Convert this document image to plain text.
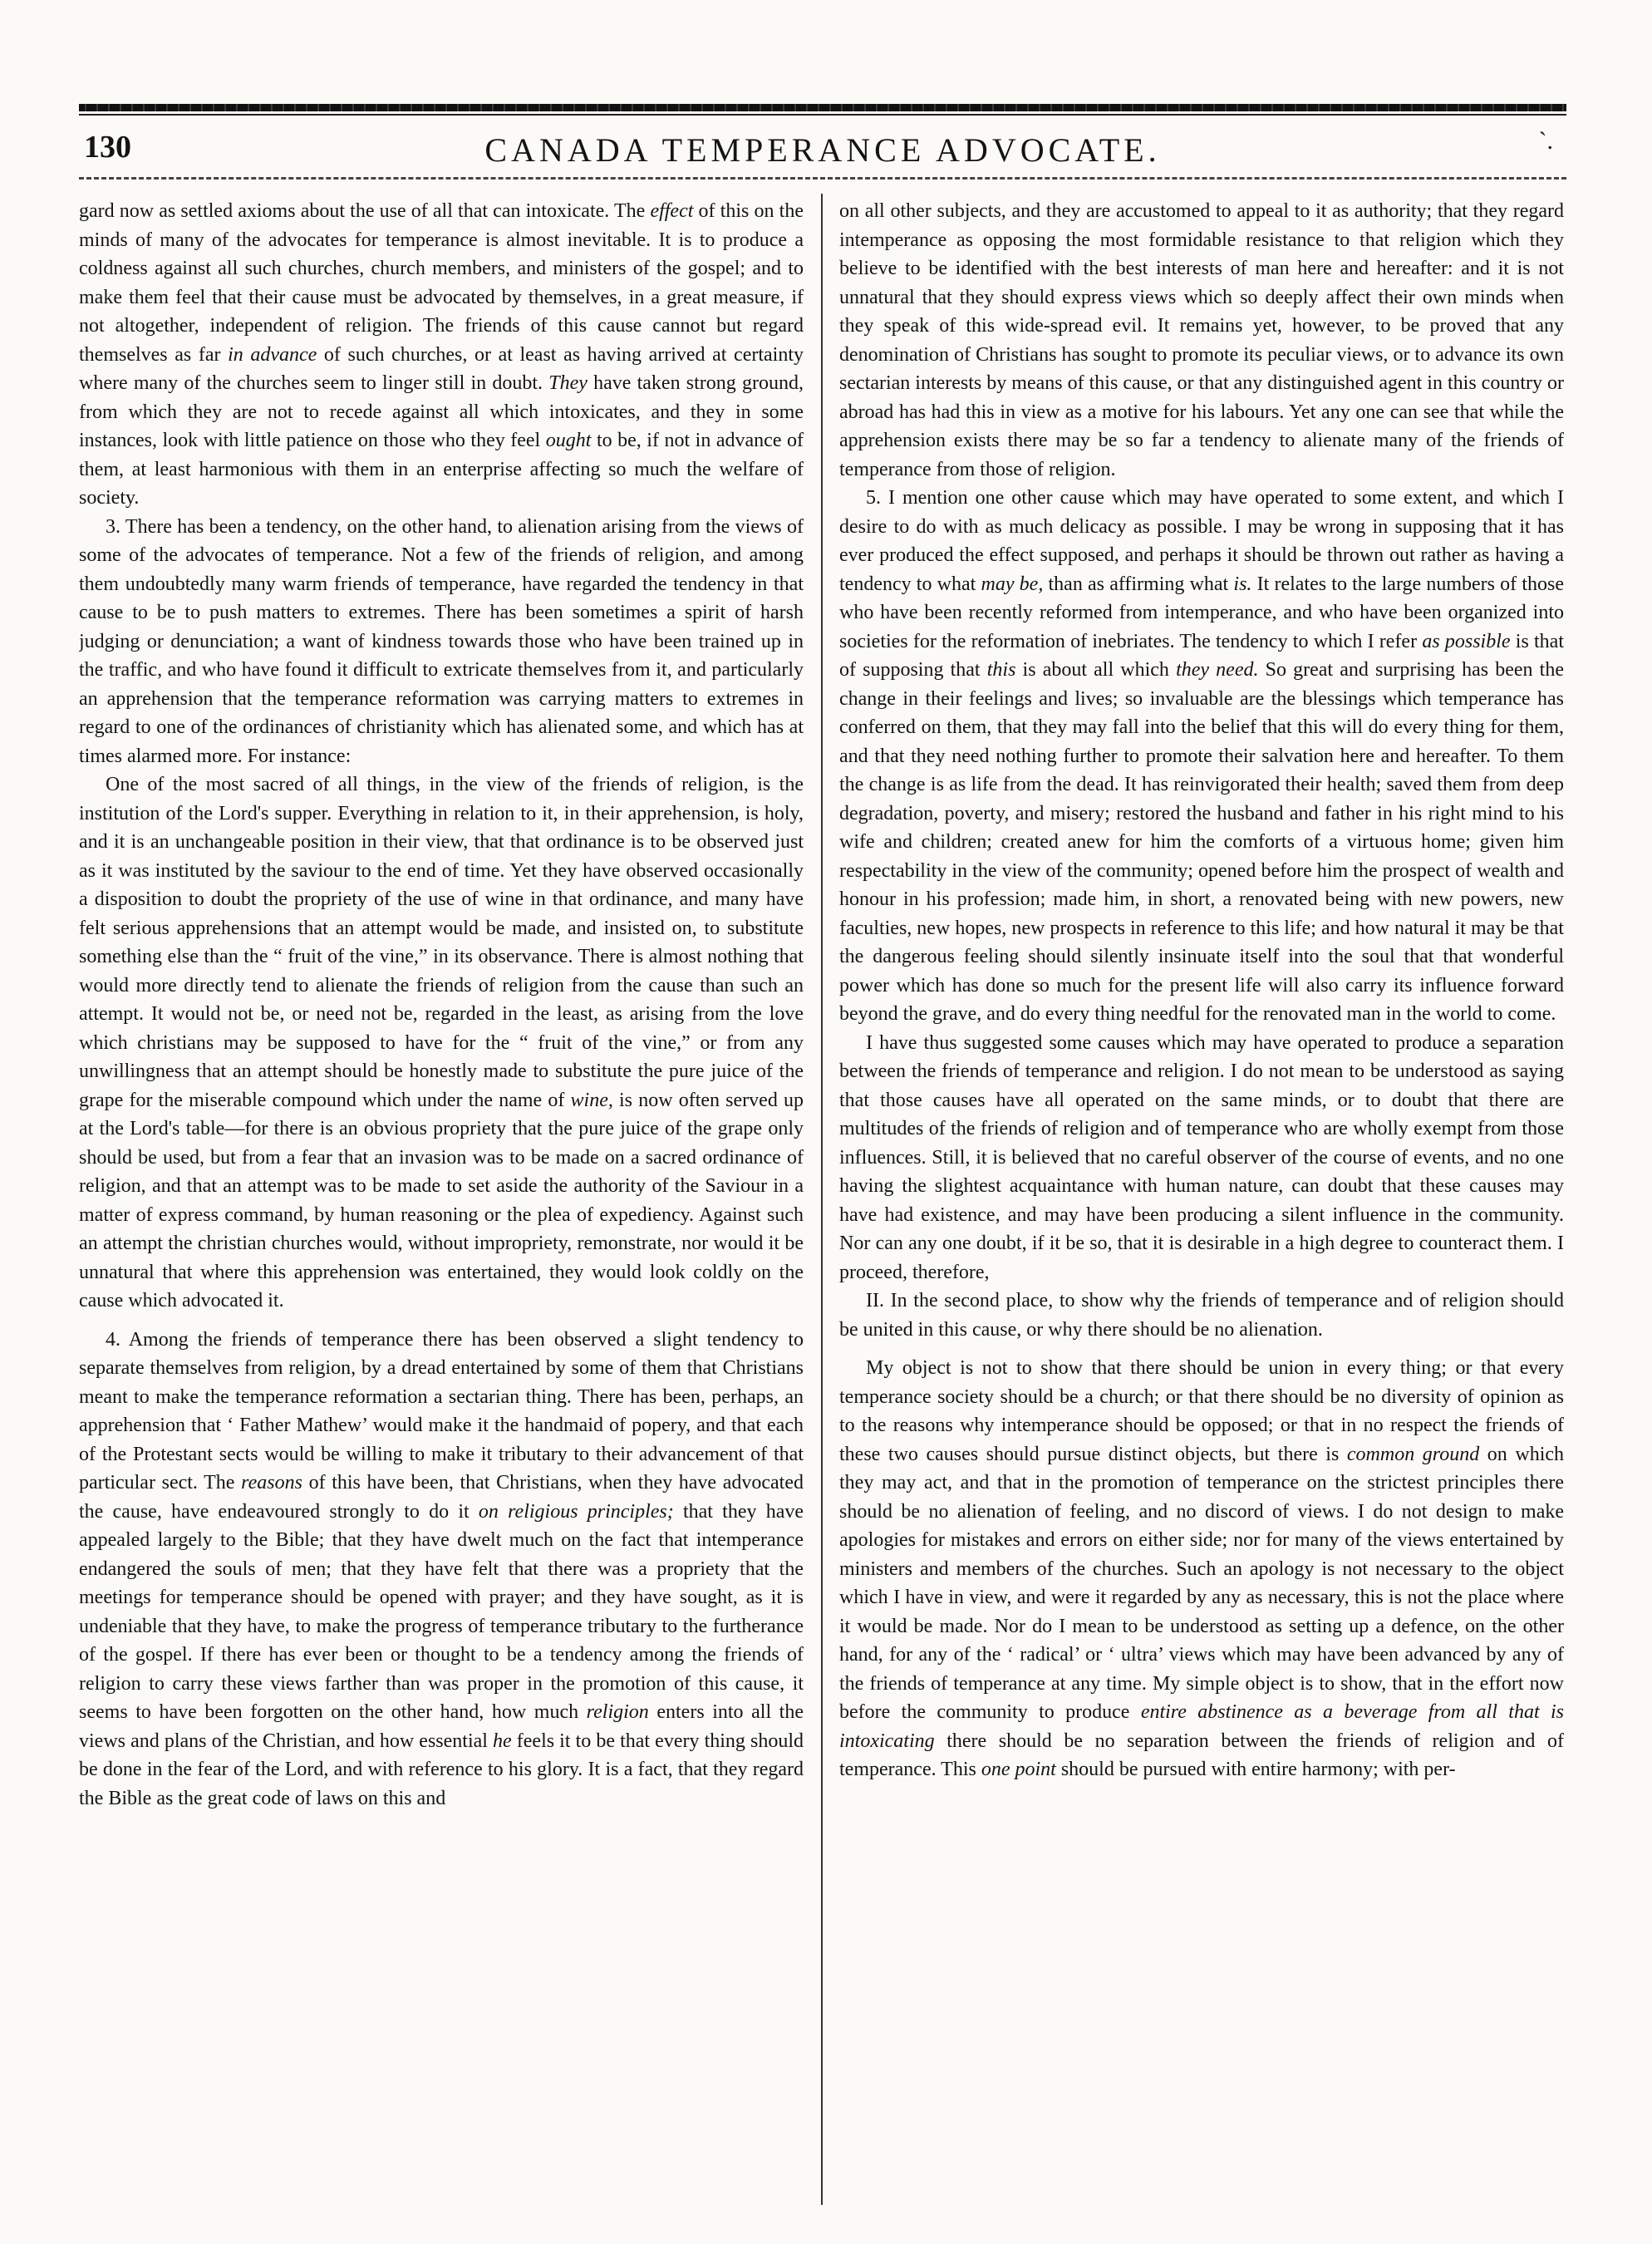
130	CANADA TEMPERANCE ADVOCATE.	`.

gard now as settled axioms about the use of all that can intoxicate. The effect of this on the minds of many of the advocates for temperance is almost inevitable. It is to produce a coldness against all such churches, church members, and ministers of the gospel; and to make them feel that their cause must be advocated by themselves, in a great measure, if not altogether, independent of religion. The friends of this cause cannot but regard themselves as far in advance of such churches, or at least as having arrived at certainty where many of the churches seem to linger still in doubt. They have taken strong ground, from which they are not to recede against all which intoxicates, and they in some instances, look with little patience on those who they feel ought to be, if not in advance of them, at least harmonious with them in an enterprise affecting so much the welfare of society.

3. There has been a tendency, on the other hand, to alienation arising from the views of some of the advocates of temperance. Not a few of the friends of religion, and among them undoubtedly many warm friends of temperance, have regarded the tendency in that cause to be to push matters to extremes. There has been sometimes a spirit of harsh judging or denunciation; a want of kindness towards those who have been trained up in the traffic, and who have found it difficult to extricate themselves from it, and particularly an apprehension that the temperance reformation was carrying matters to extremes in regard to one of the ordinances of christianity which has alienated some, and which has at times alarmed more. For instance:

One of the most sacred of all things, in the view of the friends of religion, is the institution of the Lord's supper. Everything in relation to it, in their apprehension, is holy, and it is an unchangeable position in their view, that that ordinance is to be observed just as it was instituted by the saviour to the end of time. Yet they have observed occasionally a disposition to doubt the propriety of the use of wine in that ordinance, and many have felt serious apprehensions that an attempt would be made, and insisted on, to substitute something else than the “ fruit of the vine,” in its observance. There is almost nothing that would more directly tend to alienate the friends of religion from the cause than such an attempt. It would not be, or need not be, regarded in the least, as arising from the love which christians may be supposed to have for the “ fruit of the vine,” or from any unwillingness that an attempt should be honestly made to substitute the pure juice of the grape for the miserable compound which under the name of wine, is now often served up at the Lord's table—for there is an obvious propriety that the pure juice of the grape only should be used, but from a fear that an invasion was to be made on a sacred ordinance of religion, and that an attempt was to be made to set aside the authority of the Saviour in a matter of express command, by human reasoning or the plea of expediency. Against such an attempt the christian churches would, without impropriety, remonstrate, nor would it be unnatural that where this apprehension was entertained, they would look coldly on the cause which advocated it.

4. Among the friends of temperance there has been observed a slight tendency to separate themselves from religion, by a dread entertained by some of them that Christians meant to make the temperance reformation a sectarian thing. There has been, perhaps, an apprehension that ‘ Father Mathew’ would make it the handmaid of popery, and that each of the Protestant sects would be willing to make it tributary to their advancement of that particular sect. The reasons of this have been, that Christians, when they have advocated the cause, have endeavoured strongly to do it on religious principles; that they have appealed largely to the Bible; that they have dwelt much on the fact that intemperance endangered the souls of men; that they have felt that there was a propriety that the meetings for temperance should be opened with prayer; and they have sought, as it is undeniable that they have, to make the progress of temperance tributary to the furtherance of the gospel. If there has ever been or thought to be a tendency among the friends of religion to carry these views farther than was proper in the promotion of this cause, it seems to have been forgotten on the other hand, how much religion enters into all the views and plans of the Christian, and how essential he feels it to be that every thing should be done in the fear of the Lord, and with reference to his glory. It is a fact, that they regard the Bible as the great code of laws on this and

on all other subjects, and they are accustomed to appeal to it as authority; that they regard intemperance as opposing the most formidable resistance to that religion which they believe to be identified with the best interests of man here and hereafter: and it is not unnatural that they should express views which so deeply affect their own minds when they speak of this wide-spread evil. It remains yet, however, to be proved that any denomination of Christians has sought to promote its peculiar views, or to advance its own sectarian interests by means of this cause, or that any distinguished agent in this country or abroad has had this in view as a motive for his labours. Yet any one can see that while the apprehension exists there may be so far a tendency to alienate many of the friends of temperance from those of religion.

5. I mention one other cause which may have operated to some extent, and which I desire to do with as much delicacy as possible. I may be wrong in supposing that it has ever produced the effect supposed, and perhaps it should be thrown out rather as having a tendency to what may be, than as affirming what is. It relates to the large numbers of those who have been recently reformed from intemperance, and who have been organized into societies for the reformation of inebriates. The tendency to which I refer as possible is that of supposing that this is about all which they need. So great and surprising has been the change in their feelings and lives; so invaluable are the blessings which temperance has conferred on them, that they may fall into the belief that this will do every thing for them, and that they need nothing further to promote their salvation here and hereafter. To them the change is as life from the dead. It has reinvigorated their health; saved them from deep degradation, poverty, and misery; restored the husband and father in his right mind to his wife and children; created anew for him the comforts of a virtuous home; given him respectability in the view of the community; opened before him the prospect of wealth and honour in his profession; made him, in short, a renovated being with new powers, new faculties, new hopes, new prospects in reference to this life; and how natural it may be that the dangerous feeling should silently insinuate itself into the soul that that wonderful power which has done so much for the present life will also carry its influence forward beyond the grave, and do every thing needful for the renovated man in the world to come.

I have thus suggested some causes which may have operated to produce a separation between the friends of temperance and religion. I do not mean to be understood as saying that those causes have all operated on the same minds, or to doubt that there are multitudes of the friends of religion and of temperance who are wholly exempt from those influences. Still, it is believed that no careful observer of the course of events, and no one having the slightest acquaintance with human nature, can doubt that these causes may have had existence, and may have been producing a silent influence in the community. Nor can any one doubt, if it be so, that it is desirable in a high degree to counteract them. I proceed, therefore,

II. In the second place, to show why the friends of temperance and of religion should be united in this cause, or why there should be no alienation.

My object is not to show that there should be union in every thing; or that every temperance society should be a church; or that there should be no diversity of opinion as to the reasons why intemperance should be opposed; or that in no respect the friends of these two causes should pursue distinct objects, but there is common ground on which they may act, and that in the promotion of temperance on the strictest principles there should be no alienation of feeling, and no discord of views. I do not design to make apologies for mistakes and errors on either side; nor for many of the views entertained by ministers and members of the churches. Such an apology is not necessary to the object which I have in view, and were it regarded by any as necessary, this is not the place where it would be made. Nor do I mean to be understood as setting up a defence, on the other hand, for any of the ‘ radical’ or ‘ ultra’ views which may have been advanced by any of the friends of temperance at any time. My simple object is to show, that in the effort now before the community to produce entire abstinence as a beverage from all that is intoxicating there should be no separation between the friends of religion and of temperance. This one point should be pursued with entire harmony; with per-
